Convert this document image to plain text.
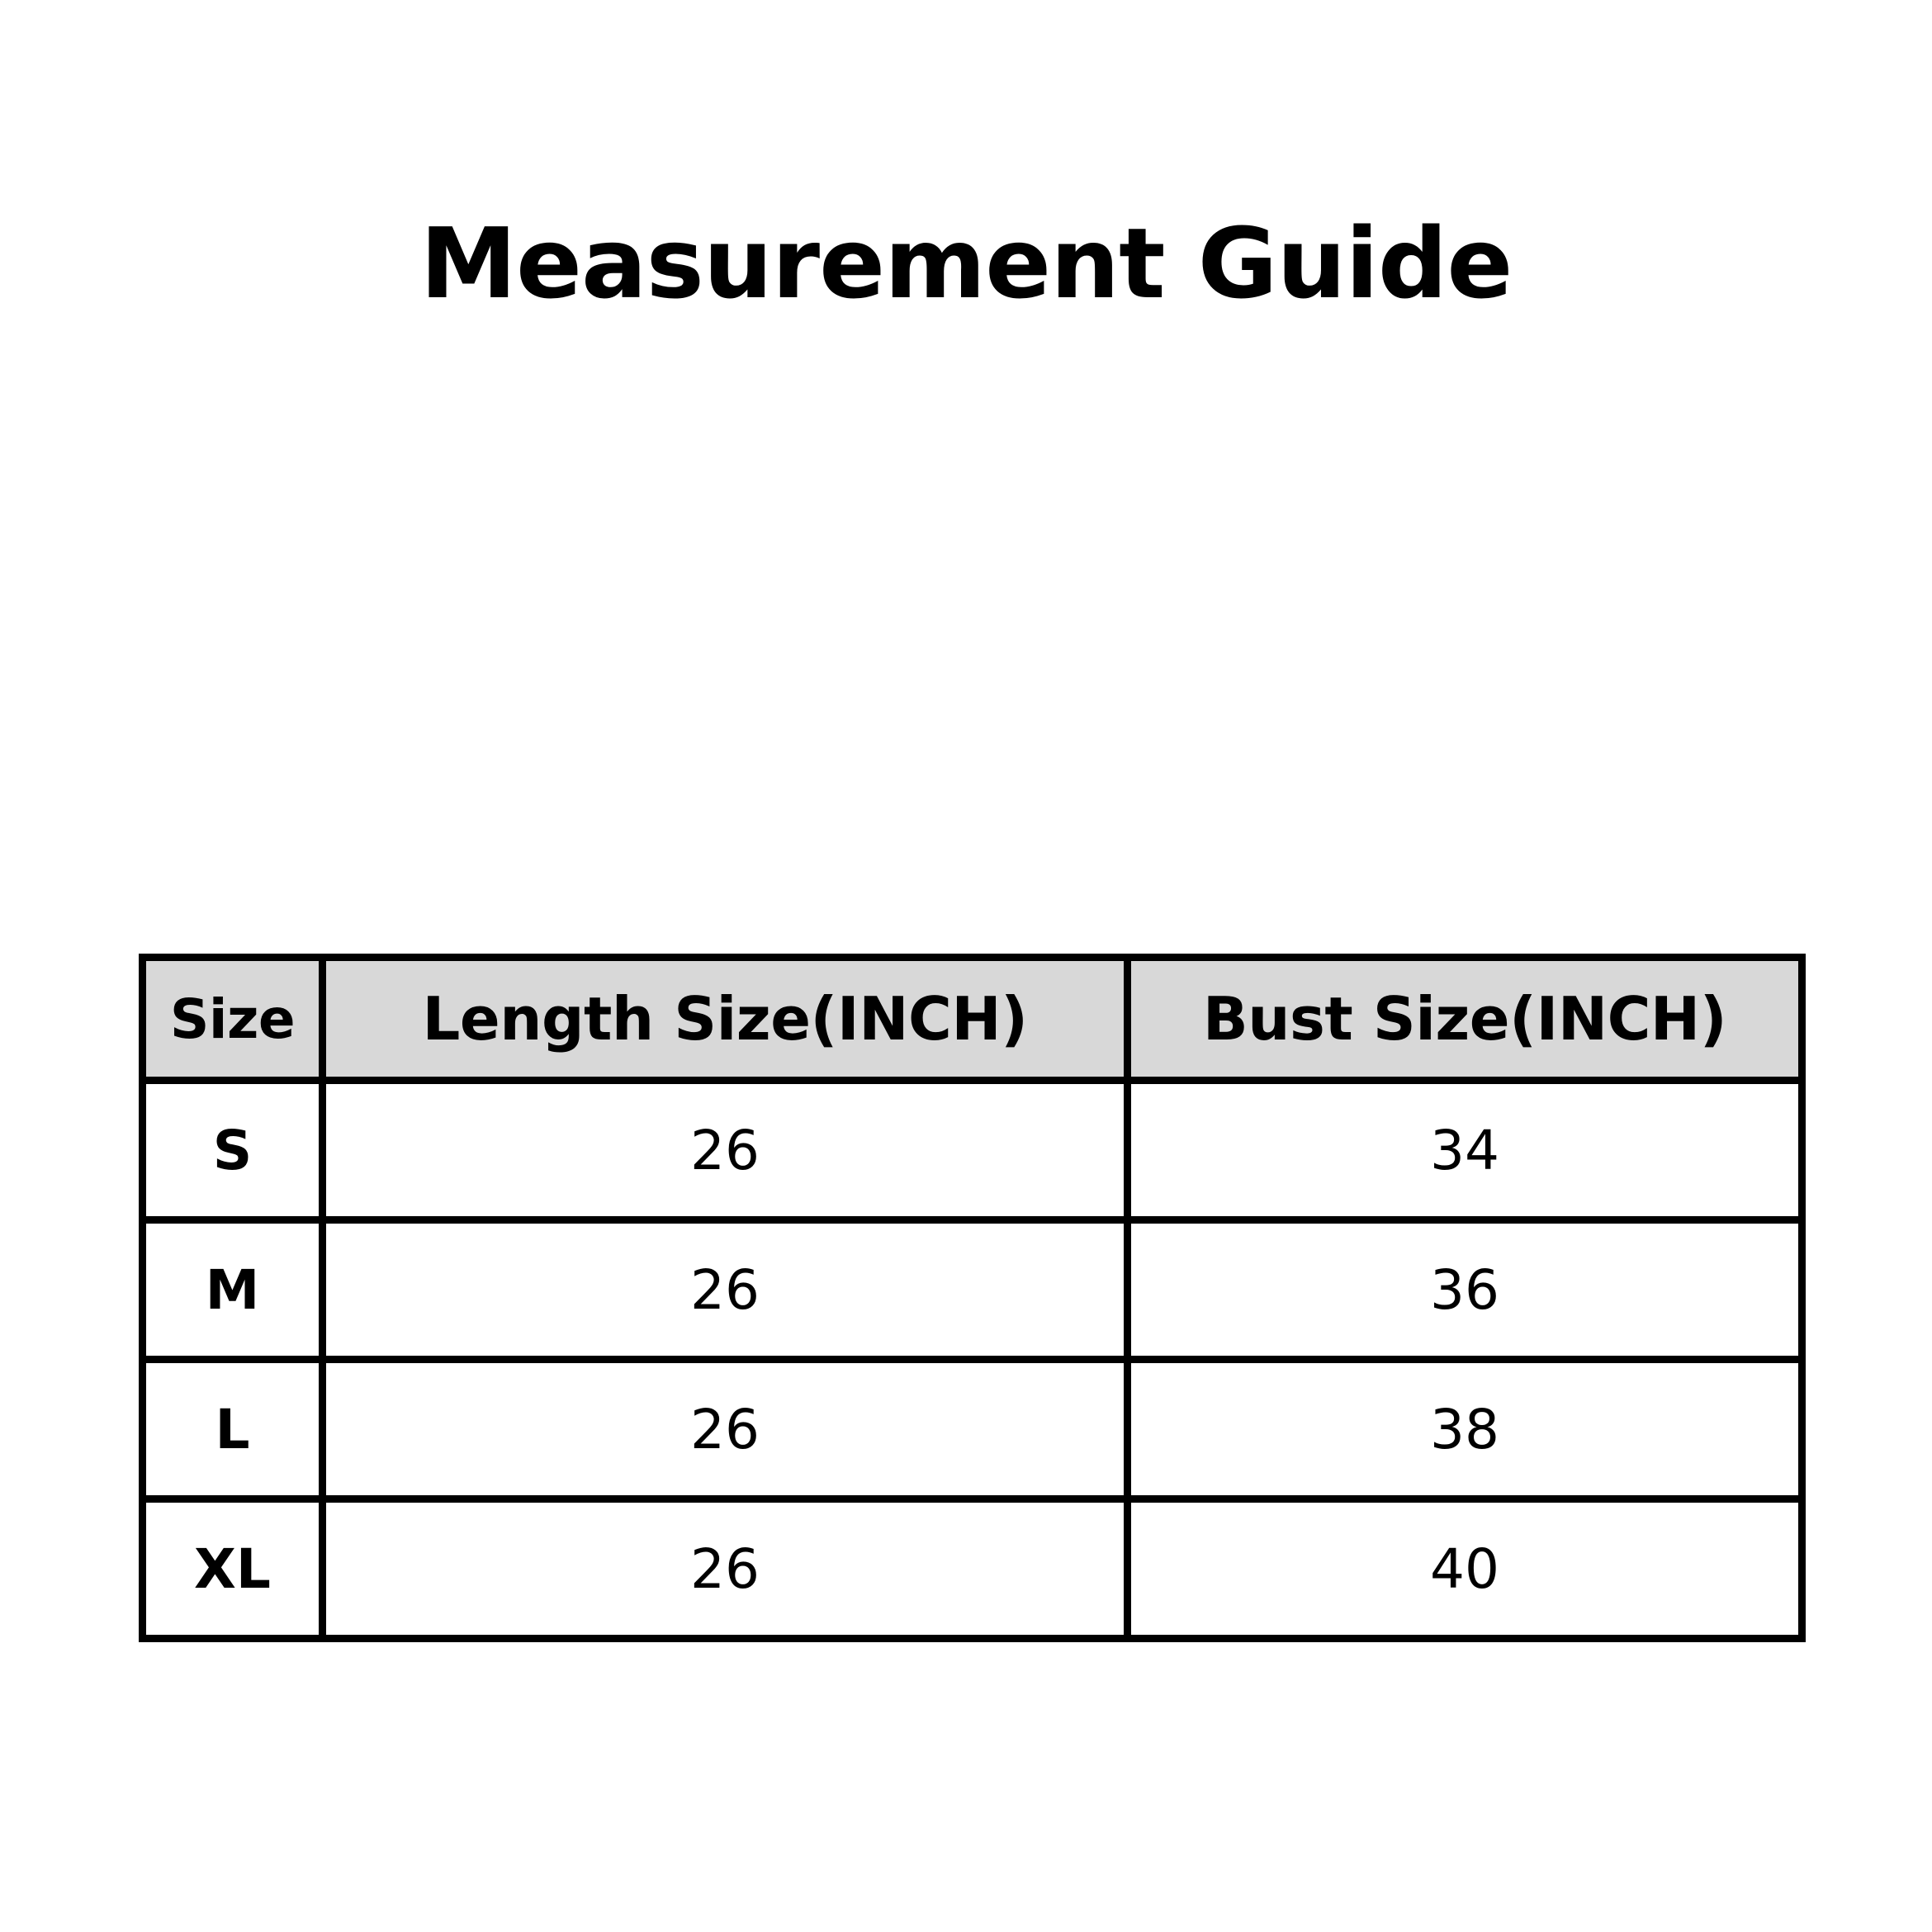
Measurement Guide
Size	Length Size(INCH)	Bust Size(INCH)
S	26	34
M	26	36
L	26	38
XL	26	40
